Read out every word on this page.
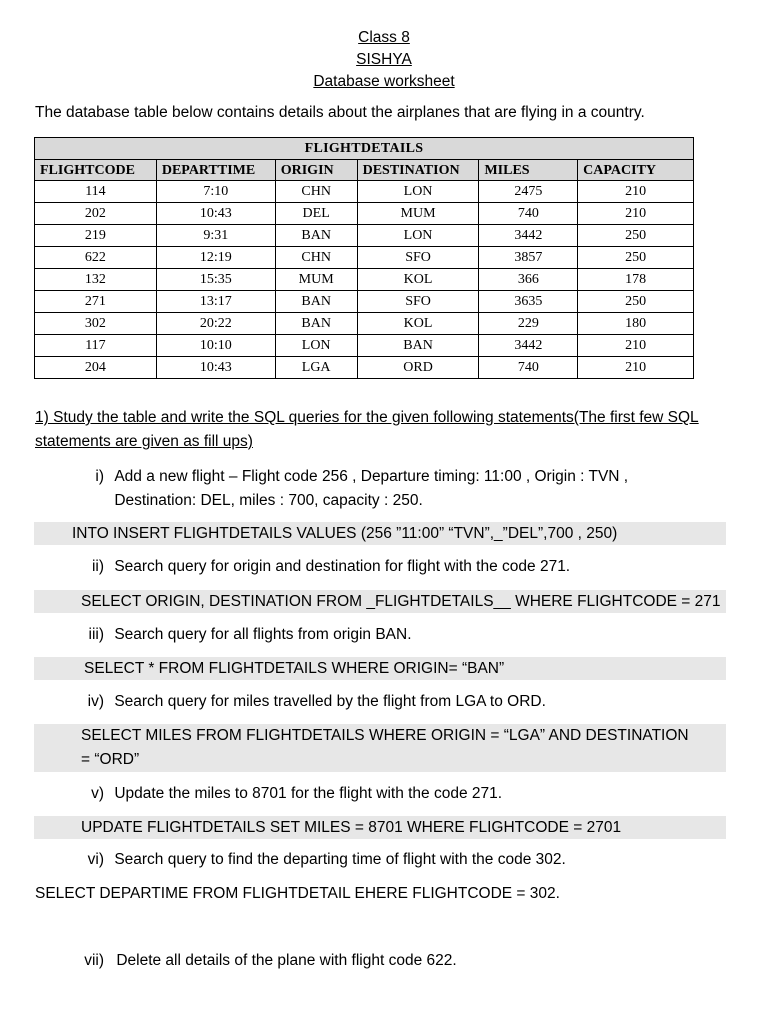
Class 8
SISHYA
Database worksheet
The database table below contains details about the airplanes that are flying in a country.
FLIGHTDETAILS					
FLIGHTCODE	DEPARTTIME	ORIGIN	DESTINATION	MILES	CAPACITY
114	7:10	CHN	LON	2475	210
202	10:43	DEL	MUM	740	210
219	9:31	BAN	LON	3442	250
622	12:19	CHN	SFO	3857	250
132	15:35	MUM	KOL	366	178
271	13:17	BAN	SFO	3635	250
302	20:22	BAN	KOL	229	180
117	10:10	LON	BAN	3442	210
204	10:43	LGA	ORD	740	210
1) Study the table and write the SQL queries for the given following statements(The first few SQL statements are given as fill ups)
i) Add a new flight – Flight code 256 , Departure timing: 11:00 , Origin : TVN , Destination: DEL, miles : 700, capacity : 250.
INTO INSERT FLIGHTDETAILS VALUES (256 ”11:00” “TVN”,_”DEL”,700 , 250)
ii) Search query for origin and destination for flight with the code 271.
SELECT ORIGIN, DESTINATION FROM _FLIGHTDETAILS__ WHERE FLIGHTCODE = 271
iii) Search query for all flights from origin BAN.
SELECT * FROM FLIGHTDETAILS WHERE ORIGIN= “BAN”
iv) Search query for miles travelled by the flight from LGA to ORD.
SELECT MILES FROM FLIGHTDETAILS WHERE ORIGIN = “LGA” AND DESTINATION = “ORD”
v) Update the miles to 8701 for the flight with the code 271.
UPDATE FLIGHTDETAILS SET MILES = 8701 WHERE FLIGHTCODE = 2701
vi) Search query to find the departing time of flight with the code 302.
SELECT DEPARTIME FROM FLIGHTDETAIL EHERE FLIGHTCODE = 302.
vii) Delete all details of the plane with flight code 622.
